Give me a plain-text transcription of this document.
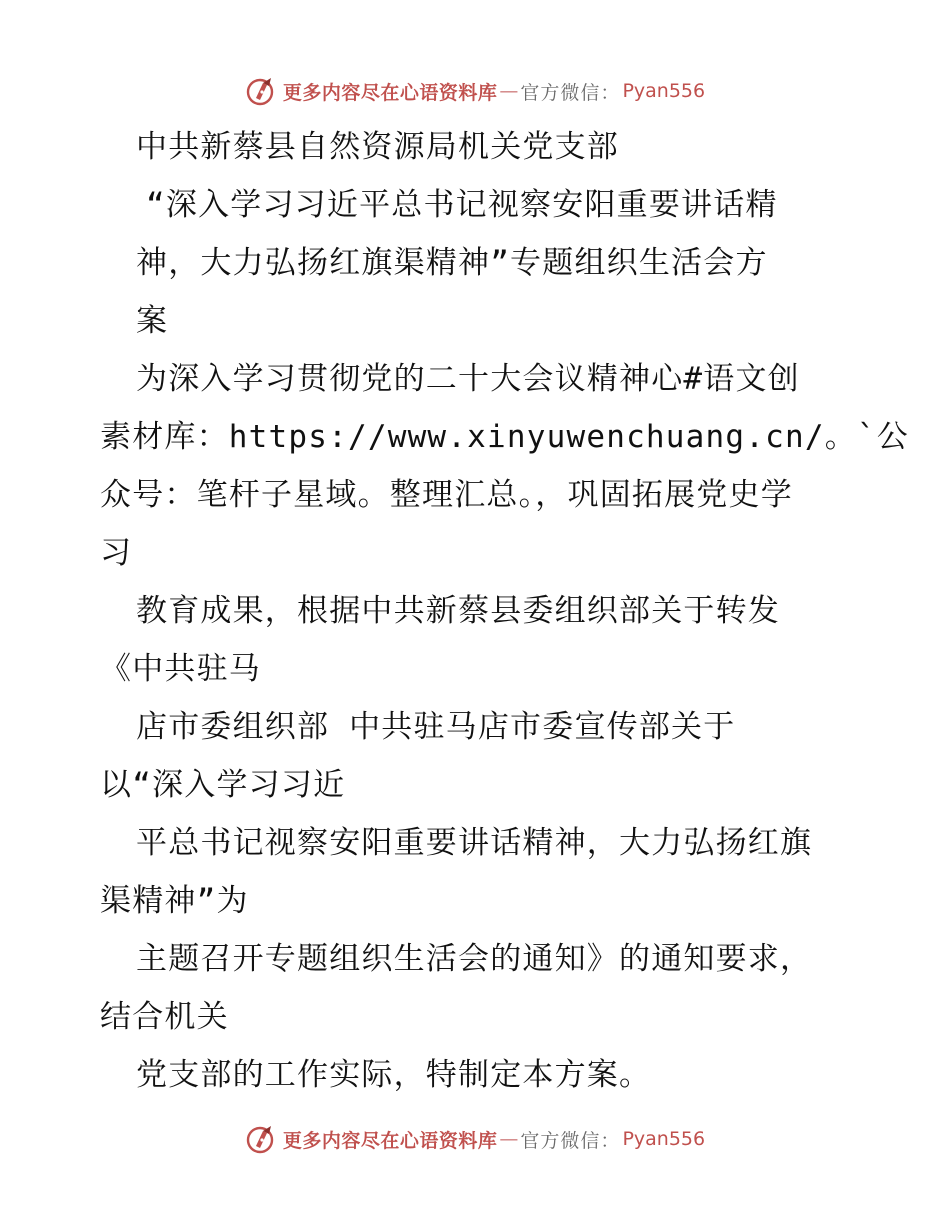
更多内容尽在心语资料库 — 官方微信： Pyan556
中共新蔡县自然资源局机关党支部
“深入学习习近平总书记视察安阳重要讲话精
神，大力弘扬红旗渠精神”专题组织生活会方
案
为深入学习贯彻党的二十大会议精神心#语文创
素材库：https://www.xinyuwenchuang.cn/。`公
众号：笔杆子星域。整理汇总。，巩固拓展党史学
习
教育成果，根据中共新蔡县委组织部关于转发
《中共驻马
店市委组织部 中共驻马店市委宣传部关于
以“深入学习习近
平总书记视察安阳重要讲话精神，大力弘扬红旗
渠精神”为
主题召开专题组织生活会的通知》的通知要求，
结合机关
党支部的工作实际，特制定本方案。
更多内容尽在心语资料库 — 官方微信： Pyan556
